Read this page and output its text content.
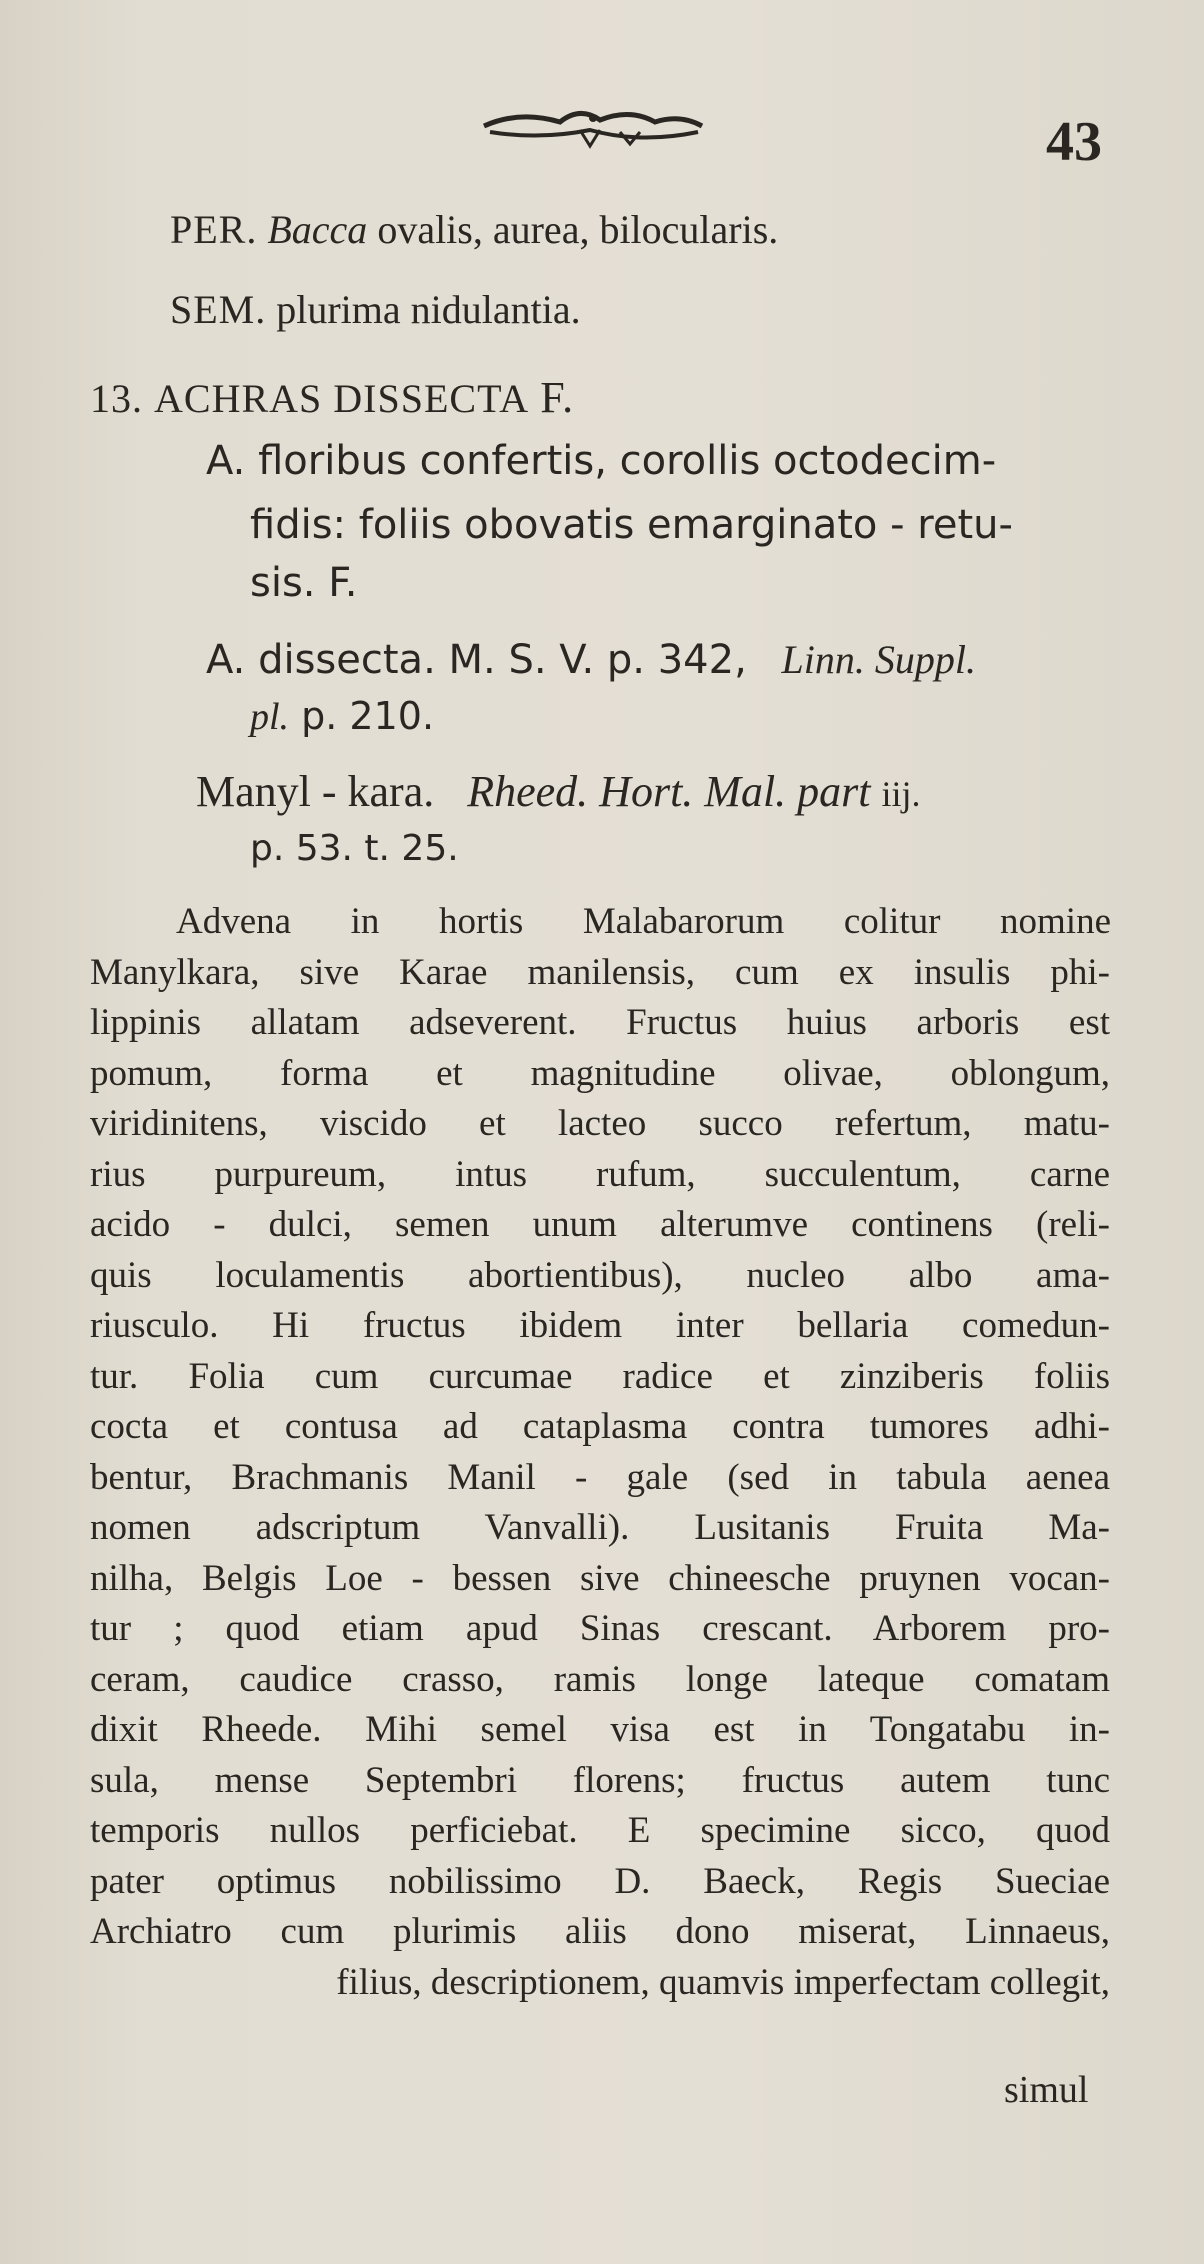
43
PER. Bacca ovalis, aurea, bilocularis.
SEM. plurima nidulantia.
13. ACHRAS DISSECTA F.
A. floribus confertis, corollis octodecim-
fidis: foliis obovatis emarginato - retu-
sis. F.
A. dissecta. M. S. V. p. 342, Linn. Suppl.
pl. p. 210.
Manyl - kara. Rheed. Hort. Mal. part iij.
p. 53. t. 25.
Advena in hortis Malabarorum colitur nomine
Manylkara, sive Karae manilensis, cum ex insulis phi-
lippinis allatam adseverent. Fructus huius arboris est
pomum, forma et magnitudine olivae, oblongum,
viridinitens, viscido et lacteo succo refertum, matu-
rius purpureum, intus rufum, succulentum, carne
acido - dulci, semen unum alterumve continens (reli-
quis loculamentis abortientibus), nucleo albo ama-
riusculo. Hi fructus ibidem inter bellaria comedun-
tur. Folia cum curcumae radice et zinziberis foliis
cocta et contusa ad cataplasma contra tumores adhi-
bentur, Brachmanis Manil - gale (sed in tabula aenea
nomen adscriptum Vanvalli). Lusitanis Fruita Ma-
nilha, Belgis Loe - bessen sive chineesche pruynen vocan-
tur ; quod etiam apud Sinas crescant. Arborem pro-
ceram, caudice crasso, ramis longe lateque comatam
dixit Rheede. Mihi semel visa est in Tongatabu in-
sula, mense Septembri florens; fructus autem tunc
temporis nullos perficiebat. E specimine sicco, quod
pater optimus nobilissimo D. Baeck, Regis Sueciae
Archiatro cum plurimis aliis dono miserat, Linnaeus,
filius, descriptionem, quamvis imperfectam collegit,
simul
